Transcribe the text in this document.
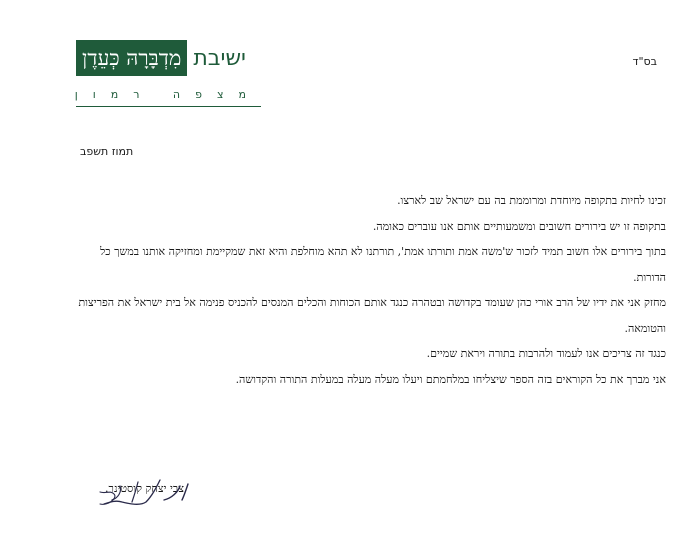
בס"ד
מִדְבָּרָהּ כְּעֵדֶן ישיבת
מצפה רמון
תמוז תשפב

זכינו לחיות בתקופה מיוחדת ומרוממת בה עם ישראל שב לארצו.

בתקופה זו יש בירורים חשובים ומשמעותיים אותם אנו עוברים כאומה.

בתוך בירורים אלו חשוב תמיד לזכור ש'משה אמת ותורתו אמת', תורתנו לא תהא מוחלפת והיא זאת שמקיימת ומחזיקה אותנו במשך כל הדורות.

מחזק אני את ידיו של הרב אורי כהן שעומד בקדושה ובטהרה כנגד אותם הכוחות והכלים המנסים להכניס פנימה אל בית ישראל את הפריצות והטומאה.

כנגד זה צריכים אנו לעמוד ולהרבות בתורה ויראת שמיים.

אני מברך את כל הקוראים בזה הספר שיצליחו במלחמתם ויעלו מעלה מעלה במעלות התורה והקדושה.

צבי יצחק קוסטינר.
